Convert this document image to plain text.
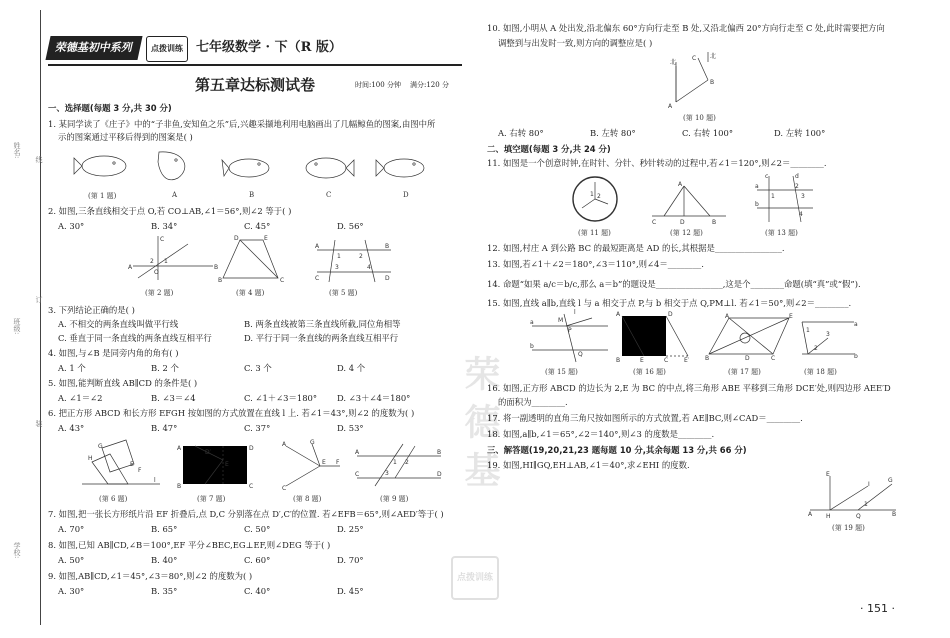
姓名:
线
订
班级:
装
学校:
荣德基初中系列	点拨训练	七年级数学 · 下（R 版）
第五章达标测试卷	时间:100 分钟 满分:120 分
一、选择题(每题 3 分,共 30 分)
1. 某同学读了《庄子》中的“子非鱼,安知鱼之乐”后,兴趣采撷地利用电脑画出了几幅鲸鱼的图案,由图中所
示的图案通过平移后得到的图案是( )
(第 1 题)	A	B	C	D
2. 如图,三条直线相交于点 O,若 CO⊥AB,∠1＝56°,则∠2 等于( )
A. 30°	B. 34°	C. 45°	D. 56°
A	B
C
O
1
2
D	E
B	C
A	B
C	D
1	2
3	4
(第 2 题)	(第 4 题)	(第 5 题)
3. 下列结论正确的是( )
A. 不相交的两条直线叫做平行线	B. 两条直线被第三条直线所截,同位角相等
C. 垂直于同一条直线的两条直线互相平行	D. 平行于同一条直线的两条直线互相平行
4. 如图,与∠B 是同旁内角的角有( )
A. 1 个	B. 2 个	C. 3 个	D. 4 个
5. 如图,能判断直线 AB∥CD 的条件是( )
A. ∠1＝∠2	B. ∠3＝∠4	C. ∠1＋∠3＝180° D. ∠3＋∠4＝180°
6. 把正方形 ABCD 和长方形 EFGH 按如图的方式放置在直线 l 上. 若∠1＝43°,则∠2 的度数为( )
A. 43°	B. 47°	C. 37°	D. 53°
G
H
E
F
l
A
B
D
C
D′
E
A
C
E
G
F
A	B
C	D
1 2
3
(第 6 题)	(第 7 题)	(第 8 题)	(第 9 题)
7. 如图,把一张长方形纸片沿 EF 折叠后,点 D,C 分别落在点 D′,C′的位置. 若∠EFB＝65°,则∠AED′等于( )
A. 70°	B. 65°	C. 50°	D. 25°
8. 如图,已知 AB∥CD,∠B＝100°,EF 平分∠BEC,EG⊥EF,则∠DEG 等于( )
A. 50°	B. 40°	C. 60°	D. 70°
9. 如图,AB∥CD,∠1＝45°,∠3＝80°,则∠2 的度数为( )
A. 30°	B. 35°	C. 40°	D. 45°
10. 如图,小明从 A 处出发,沿北偏东 60°方向行走至 B 处,又沿北偏西 20°方向行走至 C 处,此时需要把方向
调整到与出发时一致,则方向的调整应是( )
北
北
A
B
C
(第 10 题)
A. 右转 80°	B. 左转 80°	C. 右转 100°	D. 左转 100°
二、填空题(每题 3 分,共 24 分)
11. 如图是一个创意时钟,在时针、分针、秒针转动的过程中,若∠1＝120°,则∠2＝________.
1 2
A
C	D	B
a
b
c	d
1
2
3
4
(第 11 题)	(第 12 题)	(第 13 题)
12. 如图,村庄 A 到公路 BC 的最短距离是 AD 的长,其根据是________________.
13. 如图,若∠1＋∠2＝180°,∠3＝110°,则∠4＝________.
14. 命题“如果 a/c＝b/c,那么 a＝b”的题设是________________,这是个________命题(填“真”或“假”).
15. 如图,直线 a∥b,直线 l 与 a 相交于点 P,与 b 相交于点 Q,PM⊥l. 若∠1＝50°,则∠2＝________.
a
b
M
P
Q
l	A	D
B	E	C	E′
A	E
B	C
D
a
b
1
2
3
(第 15 题)	(第 16 题)	(第 17 题)	(第 18 题)
16. 如图,正方形 ABCD 的边长为 2,E 为 BC 的中点,将三角形 ABE 平移到三角形 DCE′处,则四边形 AEE′D
的面积为________.
17. 将一副透明的直角三角尺按如图所示的方式放置,若 AE∥BC,则∠CAD＝________.
18. 如图,a∥b,∠1＝65°,∠2＝140°,则∠3 的度数是________.
三、解答题(19,20,21,23 题每题 10 分,其余每题 13 分,共 66 分)
19. 如图,HI∥GQ,EH⊥AB,∠1＝40°,求∠EHI 的度数.
A	B
E
H	Q
I
G
1
(第 19 题)
荣德基
点拨训练
· 151 ·
